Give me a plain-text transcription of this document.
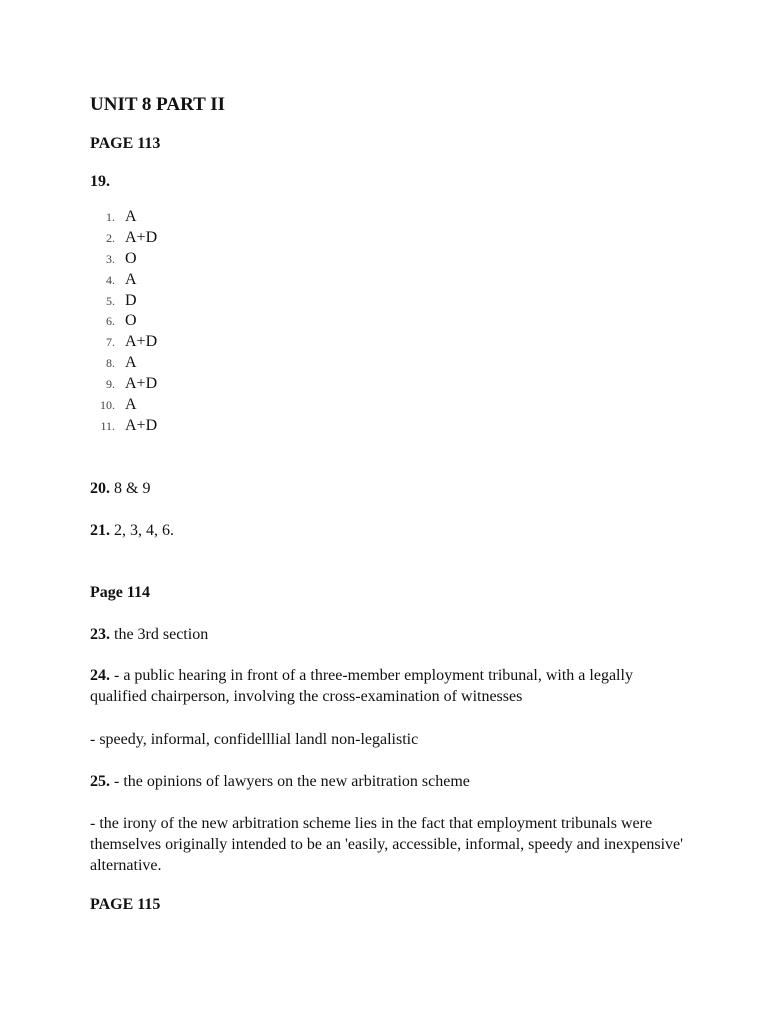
UNIT 8 PART II
PAGE 113
19.
1. A
2. A+D
3. O
4. A
5. D
6. O
7. A+D
8. A
9. A+D
10. A
11. A+D
20. 8 & 9
21. 2, 3, 4, 6.
Page 114
23. the 3rd section
24. - a public hearing in front of a three-member employment tribunal, with a legally qualified chairperson, involving the cross-examination of witnesses
- speedy, informal, confidelllial landl non-legalistic
25. - the opinions of lawyers on the new arbitration scheme
- the irony of the new arbitration scheme lies in the fact that employment tribunals were themselves originally intended to be an 'easily, accessible, informal, speedy and inexpensive' alternative.
PAGE 115
